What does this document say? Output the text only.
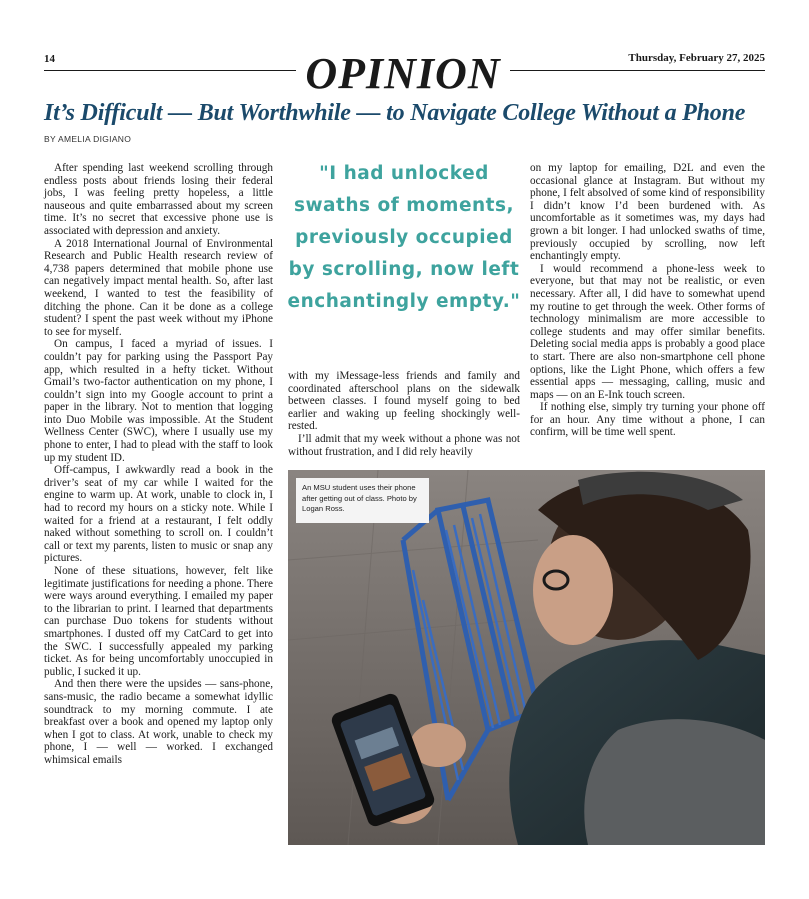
14	OPINION	Thursday, February 27, 2025
It’s Difficult — But Worthwhile — to Navigate College Without a Phone
BY AMELIA DIGIANO

After spending last weekend scrolling through endless posts about friends losing their federal jobs, I was feeling pretty hopeless, a little nauseous and quite embarrassed about my screen time. It’s no secret that excessive phone use is associated with depression and anxiety.

A 2018 International Journal of Environmental Research and Public Health research review of 4,738 papers determined that mobile phone use can negatively impact mental health. So, after last weekend, I wanted to test the feasibility of ditching the phone. Can it be done as a college student? I spent the past week without my iPhone to see for myself.

On campus, I faced a myriad of issues. I couldn’t pay for parking using the Passport Pay app, which resulted in a hefty ticket. Without Gmail’s two-factor authentication on my phone, I couldn’t sign into my Google account to print a paper in the library. Not to mention that logging into Duo Mobile was impossible. At the Student Wellness Center (SWC), where I usually use my phone to enter, I had to plead with the staff to look up my student ID.

Off-campus, I awkwardly read a book in the driver’s seat of my car while I waited for the engine to warm up. At work, unable to clock in, I had to record my hours on a sticky note. While I waited for a friend at a restaurant, I felt oddly naked without something to scroll on. I couldn’t call or text my parents, listen to music or snap any pictures.

None of these situations, however, felt like legitimate justifications for needing a phone. There were ways around everything. I emailed my paper to the librarian to print. I learned that departments can purchase Duo tokens for students without smartphones. I dusted off my CatCard to get into the SWC. I successfully appealed my parking ticket. As for being uncomfortably unoccupied in public, I sucked it up.

And then there were the upsides — sans-phone, sans-music, the radio became a somewhat idyllic soundtrack to my morning commute. I ate breakfast over a book and opened my laptop only when I got to class. At work, unable to check my phone, I — well — worked. I exchanged whimsical emails

"I had unlocked swaths of moments, previously occupied by scrolling, now left enchantingly empty."

with my iMessage-less friends and family and coordinated afterschool plans on the sidewalk between classes. I found myself going to bed earlier and waking up feeling shockingly well-rested.

I’ll admit that my week without a phone was not without frustration, and I did rely heavily

on my laptop for emailing, D2L and even the occasional glance at Instagram. But without my phone, I felt absolved of some kind of responsibility I didn’t know I’d been burdened with. As uncomfortable as it sometimes was, my days had grown a bit longer. I had unlocked swaths of time, previously occupied by scrolling, now left enchantingly empty.

I would recommend a phone-less week to everyone, but that may not be realistic, or even necessary. After all, I did have to somewhat upend my routine to get through the week. Other forms of technology minimalism are more accessible to college students and may offer similar benefits. Deleting social media apps is probably a good place to start. There are also non-smartphone cell phone options, like the Light Phone, which offers a few essential apps — messaging, calling, music and maps — on an E-Ink touch screen.

If nothing else, simply try turning your phone off for an hour. Any time without a phone, I can confirm, will be time well spent.

An MSU student uses their phone after getting out of class. Photo by Logan Ross.
